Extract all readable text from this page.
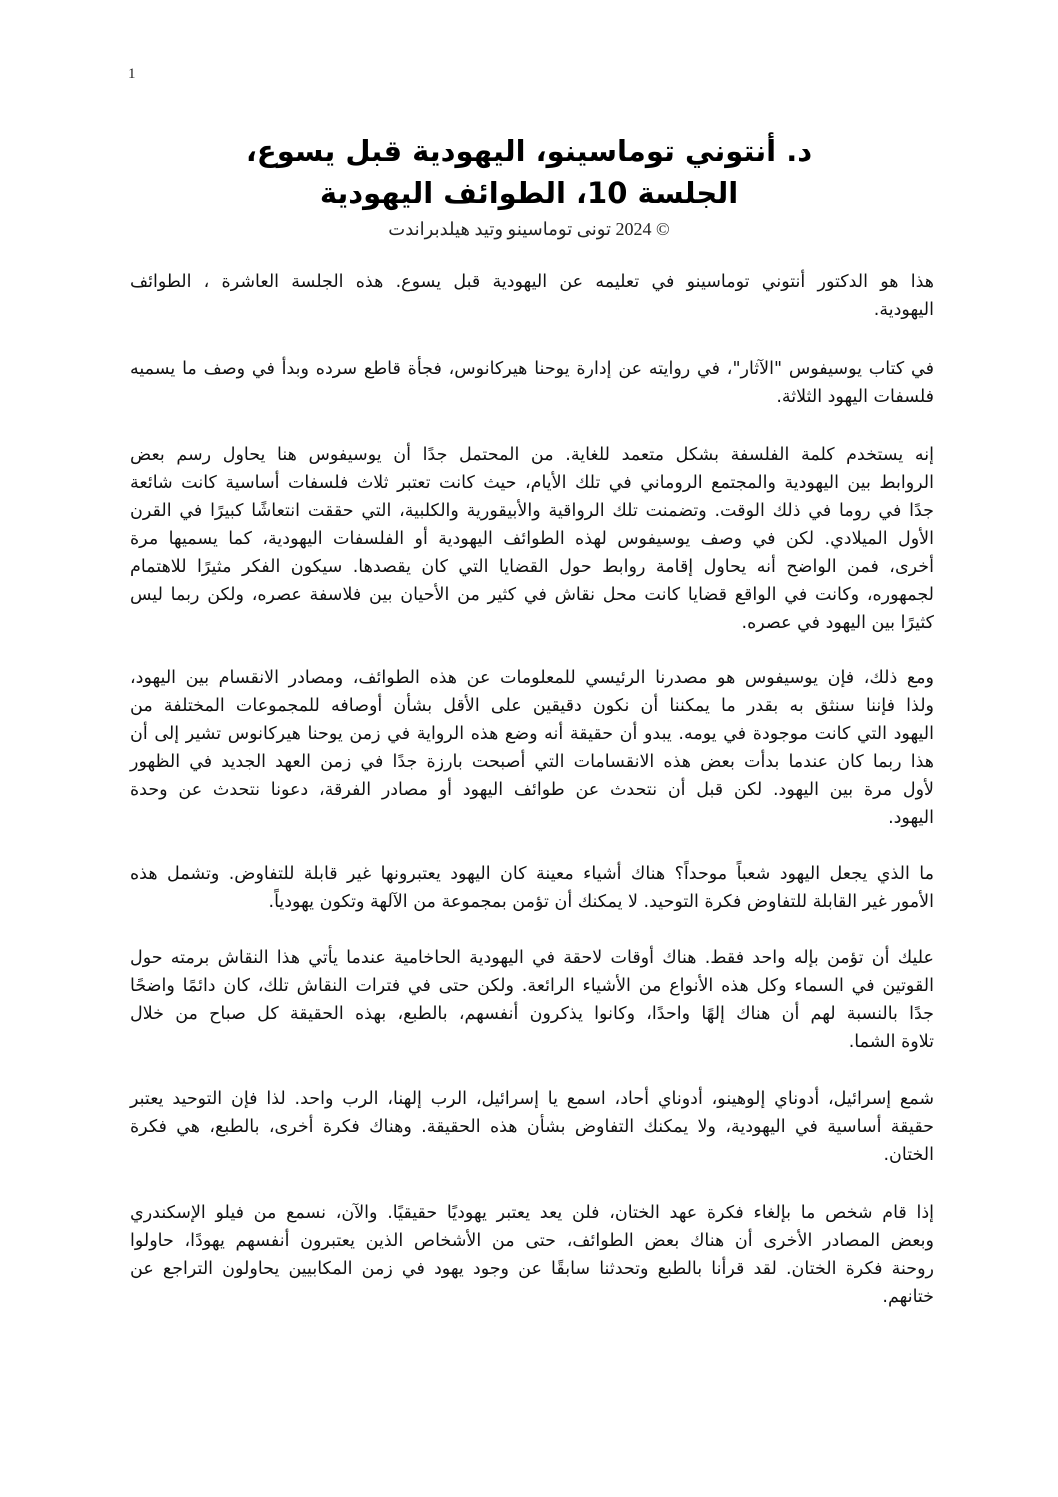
1
د. أنتوني توماسينو، اليهودية قبل يسوع،
الجلسة 10، الطوائف اليهودية
© 2024 تونى توماسينو وتيد هيلدبراندت
هذا هو الدكتور أنتوني توماسينو في تعليمه عن اليهودية قبل يسوع. هذه الجلسة العاشرة ، الطوائف
اليهودية.
في كتاب يوسيفوس "الآثار"، في روايته عن إدارة يوحنا هيركانوس، فجأة قاطع سرده وبدأ في وصف ما يسميه
فلسفات اليهود الثلاثة.
إنه يستخدم كلمة الفلسفة بشكل متعمد للغاية. من المحتمل جدًا أن يوسيفوس هنا يحاول رسم بعض
الروابط بين اليهودية والمجتمع الروماني في تلك الأيام، حيث كانت تعتبر ثلاث فلسفات أساسية كانت شائعة
جدًا في روما في ذلك الوقت. وتضمنت تلك الرواقية والأبيقورية والكلبية، التي حققت انتعاشًا كبيرًا في القرن
الأول الميلادي. لكن في وصف يوسيفوس لهذه الطوائف اليهودية أو الفلسفات اليهودية، كما يسميها مرة
أخرى، فمن الواضح أنه يحاول إقامة روابط حول القضايا التي كان يقصدها. سيكون الفكر مثيرًا للاهتمام
لجمهوره، وكانت في الواقع قضايا كانت محل نقاش في كثير من الأحيان بين فلاسفة عصره، ولكن ربما ليس
كثيرًا بين اليهود في عصره.
ومع ذلك، فإن يوسيفوس هو مصدرنا الرئيسي للمعلومات عن هذه الطوائف، ومصادر الانقسام بين اليهود،
ولذا فإننا سنثق به بقدر ما يمكننا أن نكون دقيقين على الأقل بشأن أوصافه للمجموعات المختلفة من
اليهود التي كانت موجودة في يومه. يبدو أن حقيقة أنه وضع هذه الرواية في زمن يوحنا هيركانوس تشير إلى أن
هذا ربما كان عندما بدأت بعض هذه الانقسامات التي أصبحت بارزة جدًا في زمن العهد الجديد في الظهور
لأول مرة بين اليهود. لكن قبل أن نتحدث عن طوائف اليهود أو مصادر الفرقة، دعونا نتحدث عن وحدة
اليهود.
ما الذي يجعل اليهود شعباً موحداً؟ هناك أشياء معينة كان اليهود يعتبرونها غير قابلة للتفاوض. وتشمل هذه
الأمور غير القابلة للتفاوض فكرة التوحيد. لا يمكنك أن تؤمن بمجموعة من الآلهة وتكون يهودياً.
عليك أن تؤمن بإله واحد فقط. هناك أوقات لاحقة في اليهودية الحاخامية عندما يأتي هذا النقاش برمته حول
القوتين في السماء وكل هذه الأنواع من الأشياء الرائعة. ولكن حتى في فترات النقاش تلك، كان دائمًا واضحًا
جدًا بالنسبة لهم أن هناك إلهًا واحدًا، وكانوا يذكرون أنفسهم، بالطبع، بهذه الحقيقة كل صباح من خلال
تلاوة الشما.
شمع إسرائيل، أدوناي إلوهينو، أدوناي أحاد، اسمع يا إسرائيل، الرب إلهنا، الرب واحد. لذا فإن التوحيد يعتبر
حقيقة أساسية في اليهودية، ولا يمكنك التفاوض بشأن هذه الحقيقة. وهناك فكرة أخرى، بالطبع، هي فكرة
الختان.
إذا قام شخص ما بإلغاء فكرة عهد الختان، فلن يعد يعتبر يهوديًا حقيقيًا. والآن، نسمع من فيلو الإسكندري
وبعض المصادر الأخرى أن هناك بعض الطوائف، حتى من الأشخاص الذين يعتبرون أنفسهم يهودًا، حاولوا
روحنة فكرة الختان. لقد قرأنا بالطبع وتحدثنا سابقًا عن وجود يهود في زمن المكابيين يحاولون التراجع عن
ختانهم.
